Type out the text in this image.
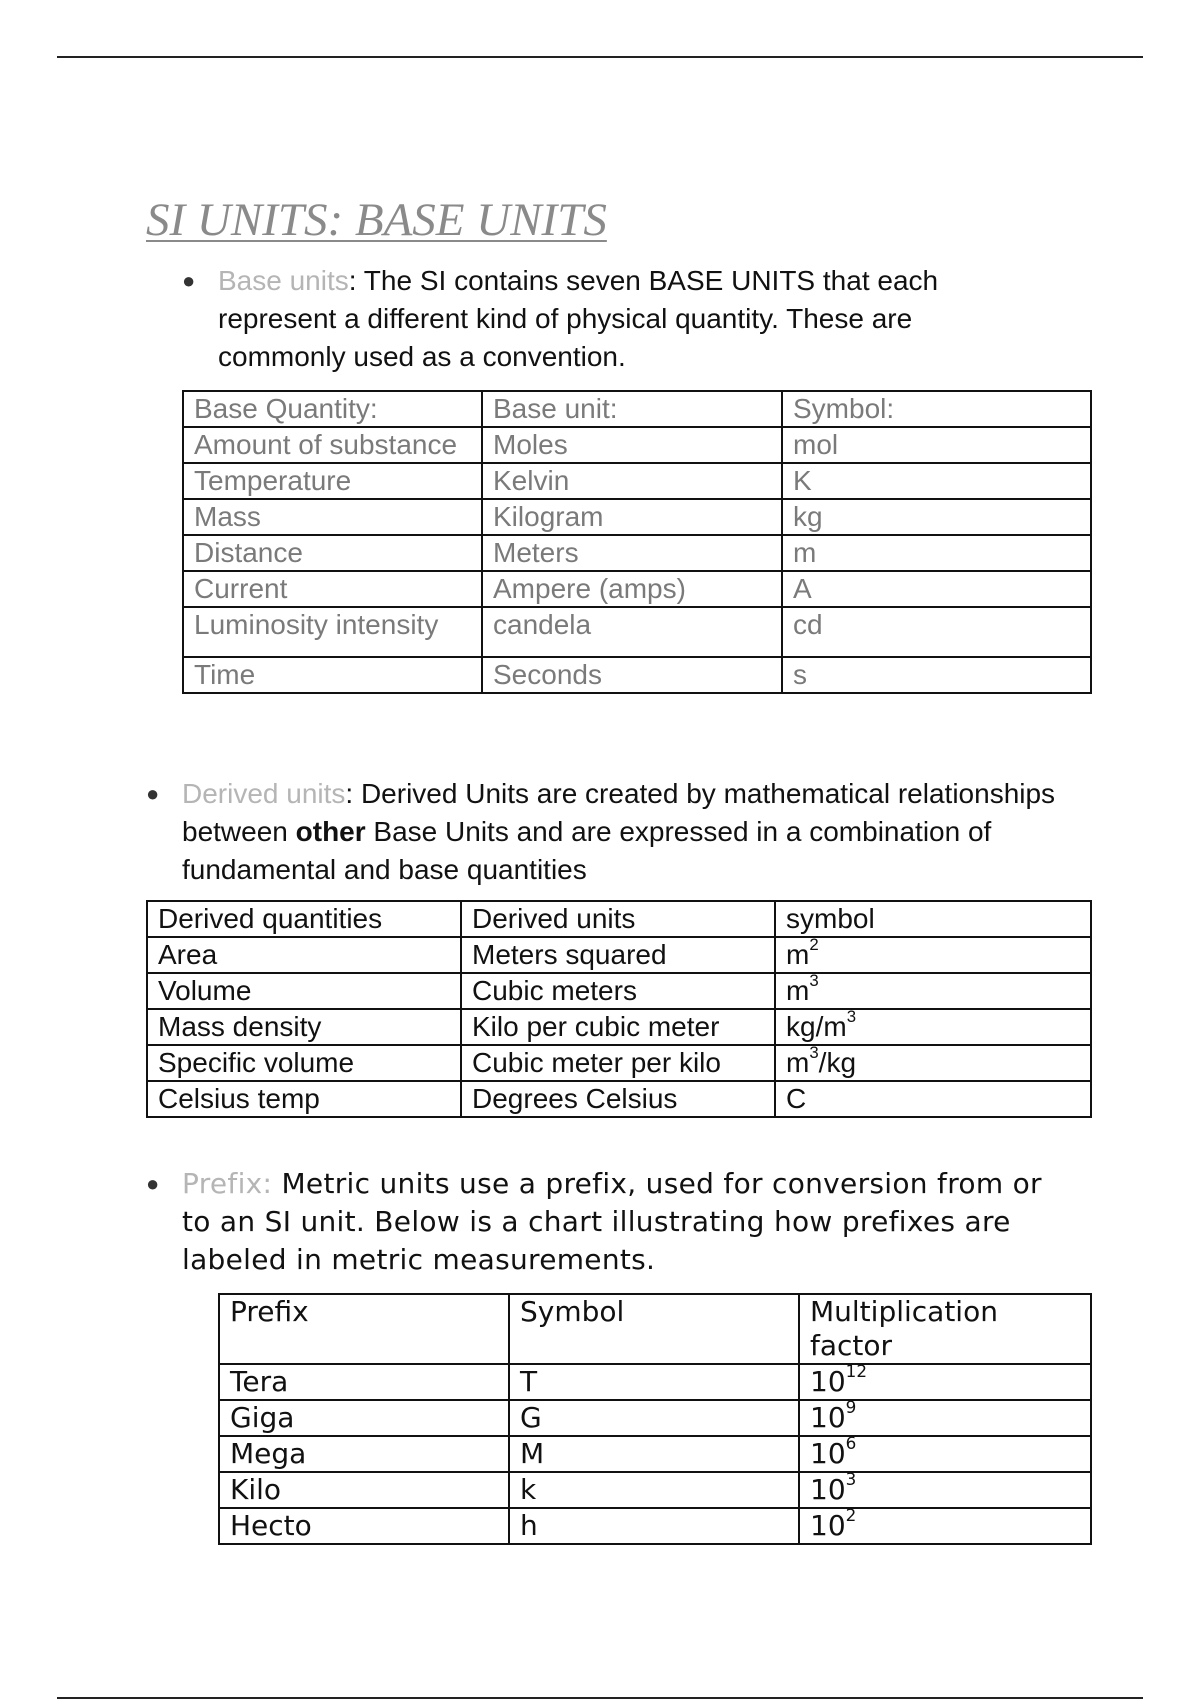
SI UNITS: BASE UNITS
● Base units: The SI contains seven BASE UNITS that each represent a different kind of physical quantity. These are commonly used as a convention.
Base Quantity:	Base unit:	Symbol:
Amount of substance	Moles	mol
Temperature	Kelvin	K
Mass	Kilogram	kg
Distance	Meters	m
Current	Ampere (amps)	A
Luminosity intensity	candela	cd
Time	Seconds	s
● Derived units: Derived Units are created by mathematical relationships between other Base Units and are expressed in a combination of fundamental and base quantities
Derived quantities	Derived units	symbol
Area	Meters squared	$m^2$
Volume	Cubic meters	$m^3$
Mass density	Kilo per cubic meter	$kg/m^3$
Specific volume	Cubic meter per kilo	$m^3/kg$
Celsius temp	Degrees Celsius	C
● Prefix: Metric units use a prefix, used for conversion from or to an SI unit. Below is a chart illustrating how prefixes are labeled in metric measurements.
Prefix	Symbol	Multiplication factor
Tera	T	$10^{12}$
Giga	G	$10^9$
Mega	M	$10^6$
Kilo	k	$10^3$
Hecto	h	$10^2$
